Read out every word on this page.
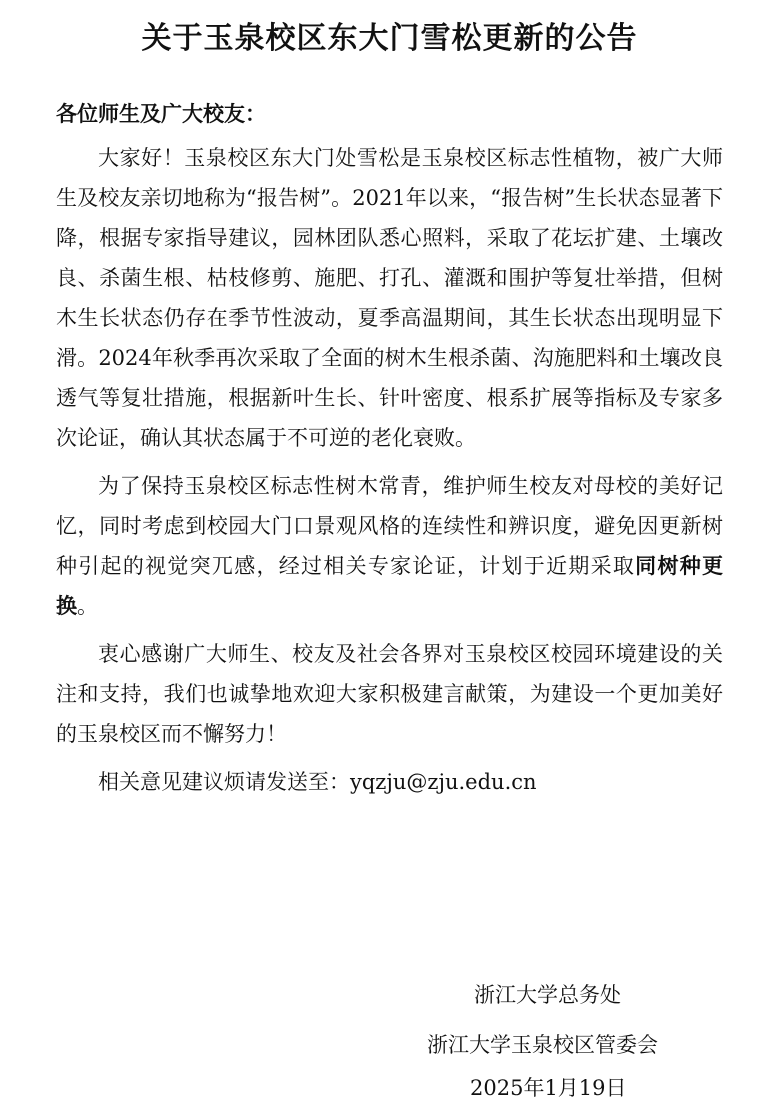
关于玉泉校区东大门雪松更新的公告

各位师生及广大校友：

大家好！玉泉校区东大门处雪松是玉泉校区标志性植物，被广大师生及校友亲切地称为“报告树”。2021年以来，“报告树”生长状态显著下降，根据专家指导建议，园林团队悉心照料，采取了花坛扩建、土壤改良、杀菌生根、枯枝修剪、施肥、打孔、灌溉和围护等复壮举措，但树木生长状态仍存在季节性波动，夏季高温期间，其生长状态出现明显下滑。2024年秋季再次采取了全面的树木生根杀菌、沟施肥料和土壤改良透气等复壮措施，根据新叶生长、针叶密度、根系扩展等指标及专家多次论证，确认其状态属于不可逆的老化衰败。

为了保持玉泉校区标志性树木常青，维护师生校友对母校的美好记忆，同时考虑到校园大门口景观风格的连续性和辨识度，避免因更新树种引起的视觉突兀感，经过相关专家论证，计划于近期采取同树种更换。

衷心感谢广大师生、校友及社会各界对玉泉校区校园环境建设的关注和支持，我们也诚挚地欢迎大家积极建言献策，为建设一个更加美好的玉泉校区而不懈努力！

相关意见建议烦请发送至：yqzju@zju.edu.cn

浙江大学总务处
浙江大学玉泉校区管委会
2025年1月19日
